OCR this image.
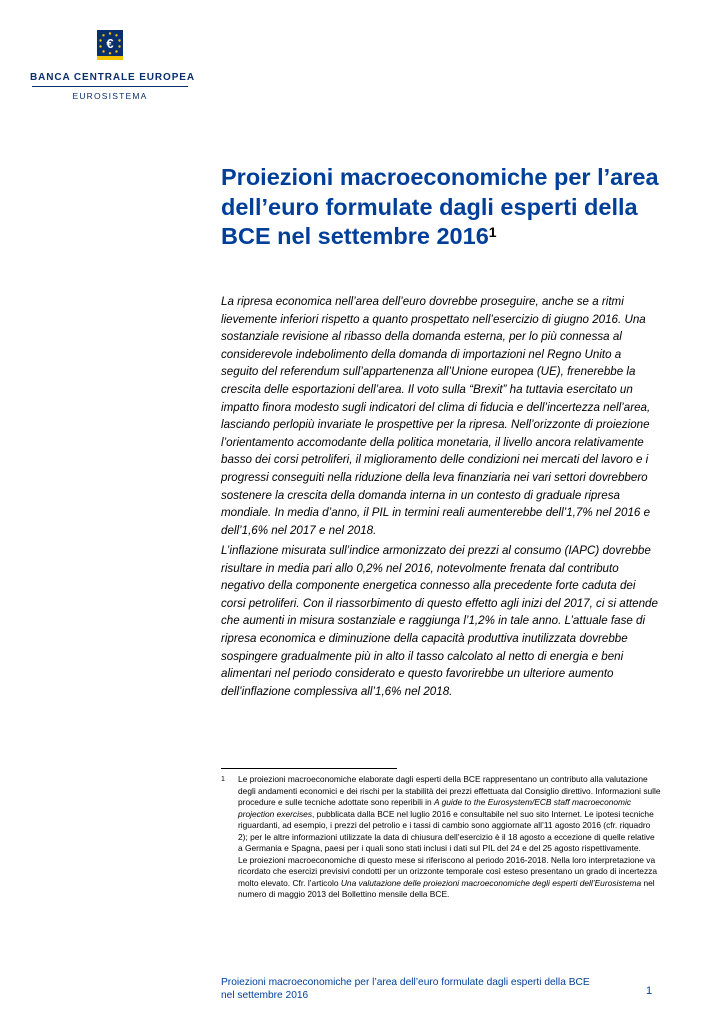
€
BANCA CENTRALE EUROPEA
EUROSISTEMA
Proiezioni macroeconomiche per l’area dell’euro formulate dagli esperti della BCE nel settembre 2016$^1$

La ripresa economica nell’area dell’euro dovrebbe proseguire, anche se a ritmi lievemente inferiori rispetto a quanto prospettato nell’esercizio di giugno 2016. Una sostanziale revisione al ribasso della domanda esterna, per lo più connessa al considerevole indebolimento della domanda di importazioni nel Regno Unito a seguito del referendum sull’appartenenza all’Unione europea (UE), frenerebbe la crescita delle esportazioni dell’area. Il voto sulla “Brexit” ha tuttavia esercitato un impatto finora modesto sugli indicatori del clima di fiducia e dell’incertezza nell’area, lasciando perlopiù invariate le prospettive per la ripresa. Nell’orizzonte di proiezione l’orientamento accomodante della politica monetaria, il livello ancora relativamente basso dei corsi petroliferi, il miglioramento delle condizioni nei mercati del lavoro e i progressi conseguiti nella riduzione della leva finanziaria nei vari settori dovrebbero sostenere la crescita della domanda interna in un contesto di graduale ripresa mondiale. In media d’anno, il PIL in termini reali aumenterebbe dell’1,7% nel 2016 e dell’1,6% nel 2017 e nel 2018.

L’inflazione misurata sull’indice armonizzato dei prezzi al consumo (IAPC) dovrebbe risultare in media pari allo 0,2% nel 2016, notevolmente frenata dal contributo negativo della componente energetica connesso alla precedente forte caduta dei corsi petroliferi. Con il riassorbimento di questo effetto agli inizi del 2017, ci si attende che aumenti in misura sostanziale e raggiunga l’1,2% in tale anno. L’attuale fase di ripresa economica e diminuzione della capacità produttiva inutilizzata dovrebbe sospingere gradualmente più in alto il tasso calcolato al netto di energia e beni alimentari nel periodo considerato e questo favorirebbe un ulteriore aumento dell’inflazione complessiva all’1,6% nel 2018.

1 Le proiezioni macroeconomiche elaborate dagli esperti della BCE rappresentano un contributo alla valutazione degli andamenti economici e dei rischi per la stabilità dei prezzi effettuata dal Consiglio direttivo. Informazioni sulle procedure e sulle tecniche adottate sono reperibili in A guide to the Eurosystem/ECB staff macroeconomic projection exercises, pubblicata dalla BCE nel luglio 2016 e consultabile nel suo sito Internet. Le ipotesi tecniche riguardanti, ad esempio, i prezzi del petrolio e i tassi di cambio sono aggiornate all’11 agosto 2016 (cfr. riquadro 2); per le altre informazioni utilizzate la data di chiusura dell’esercizio è il 18 agosto a eccezione di quelle relative a Germania e Spagna, paesi per i quali sono stati inclusi i dati sul PIL del 24 e del 25 agosto rispettivamente.
Le proiezioni macroeconomiche di questo mese si riferiscono al periodo 2016-2018. Nella loro interpretazione va ricordato che esercizi previsivi condotti per un orizzonte temporale così esteso presentano un grado di incertezza molto elevato. Cfr. l’articolo Una valutazione delle proiezioni macroeconomiche degli esperti dell’Eurosistema nel numero di maggio 2013 del Bollettino mensile della BCE.
Proiezioni macroeconomiche per l’area dell’euro formulate dagli esperti della BCE
nel settembre 2016	1
